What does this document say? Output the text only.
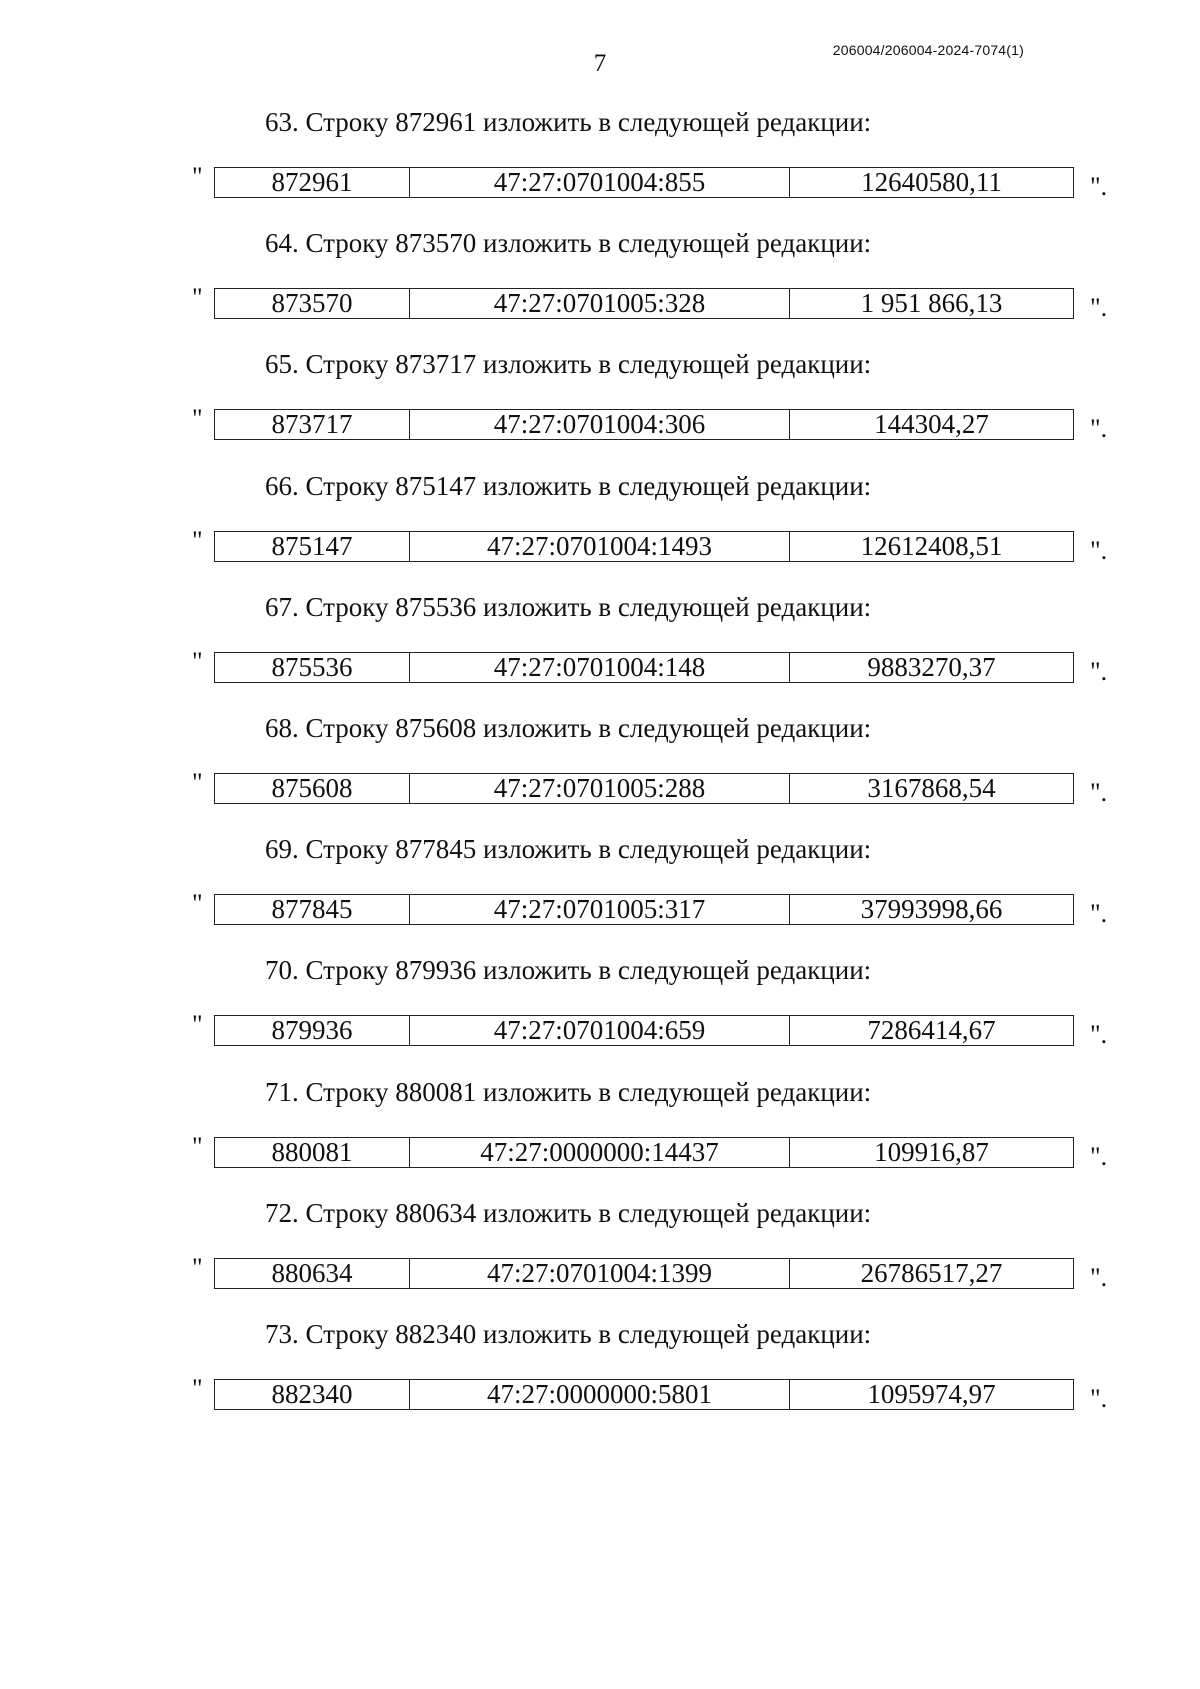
7	206004/206004-2024-7074(1)
63. Строку 872961 изложить в следующей редакции:
"	872961	47:27:0701004:855	12640580,11	".
64. Строку 873570 изложить в следующей редакции:
"	873570	47:27:0701005:328	1 951 866,13	".
65. Строку 873717 изложить в следующей редакции:
"	873717	47:27:0701004:306	144304,27	".
66. Строку 875147 изложить в следующей редакции:
"	875147	47:27:0701004:1493	12612408,51	".
67. Строку 875536 изложить в следующей редакции:
"	875536	47:27:0701004:148	9883270,37	".
68. Строку 875608 изложить в следующей редакции:
"	875608	47:27:0701005:288	3167868,54	".
69. Строку 877845 изложить в следующей редакции:
"	877845	47:27:0701005:317	37993998,66	".
70. Строку 879936 изложить в следующей редакции:
"	879936	47:27:0701004:659	7286414,67	".
71. Строку 880081 изложить в следующей редакции:
"	880081	47:27:0000000:14437	109916,87	".
72. Строку 880634 изложить в следующей редакции:
"	880634	47:27:0701004:1399	26786517,27	".
73. Строку 882340 изложить в следующей редакции:
"	882340	47:27:0000000:5801	1095974,97	".
